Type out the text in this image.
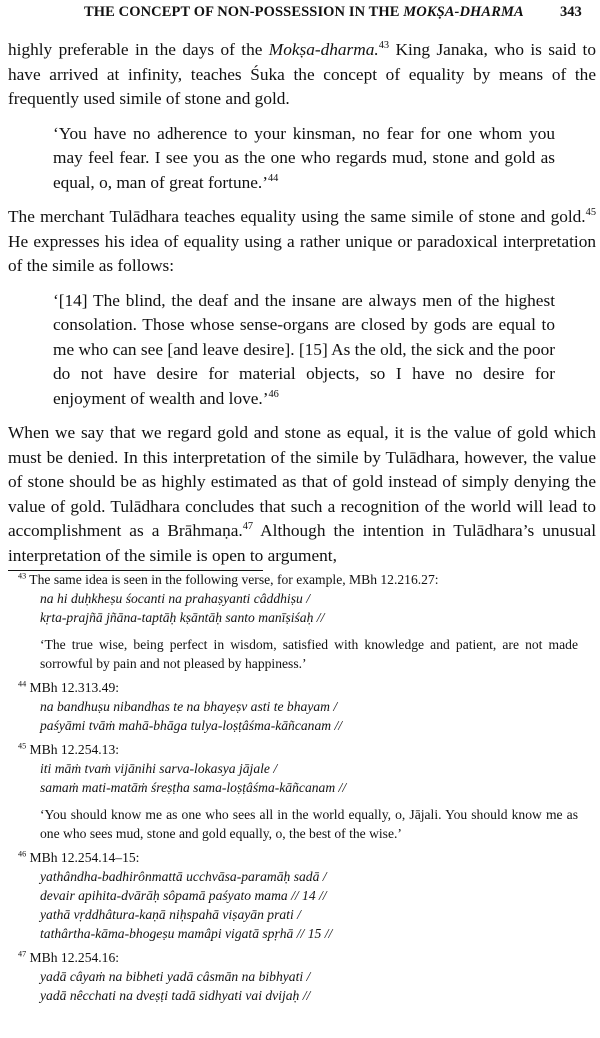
THE CONCEPT OF NON-POSSESSION IN THE MOKṢA-DHARMA	343

highly preferable in the days of the Mokṣa-dharma.$^{43}$ King Janaka, who is said to have arrived at infinity, teaches Śuka the concept of equality by means of the frequently used simile of stone and gold.

‘You have no adherence to your kinsman, no fear for one whom you may feel fear. I see you as the one who regards mud, stone and gold as equal, o, man of great fortune.’$^{44}$

The merchant Tulādhara teaches equality using the same simile of stone and gold.$^{45}$ He expresses his idea of equality using a rather unique or paradoxical interpretation of the simile as follows:

‘[14] The blind, the deaf and the insane are always men of the highest consolation. Those whose sense-organs are closed by gods are equal to me who can see [and leave desire]. [15] As the old, the sick and the poor do not have desire for material objects, so I have no desire for enjoyment of wealth and love.’$^{46}$

When we say that we regard gold and stone as equal, it is the value of gold which must be denied. In this interpretation of the simile by Tulādhara, however, the value of stone should be as highly estimated as that of gold instead of simply denying the value of gold. Tulādhara concludes that such a recognition of the world will lead to accomplishment as a Brāhmaṇa.$^{47}$ Although the intention in Tulādhara’s unusual interpretation of the simile is open to argument,

$^{43}$ The same idea is seen in the following verse, for example, MBh 12.216.27:

na hi duḥkheṣu śocanti na prahaṣyanti câddhiṣu /

kṛta-prajñā jñāna-taptāḥ kṣāntāḥ santo manīṣiśaḥ //

‘The true wise, being perfect in wisdom, satisfied with knowledge and patient, are not made sorrowful by pain and not pleased by happiness.’

$^{44}$ MBh 12.313.49:

na bandhuṣu nibandhas te na bhayeṣv asti te bhayam /

paśyāmi tvāṁ mahā-bhāga tulya-loṣṭâśma-kāñcanam //

$^{45}$ MBh 12.254.13:

iti māṁ tvaṁ vijānihi sarva-lokasya jājale /

samaṁ mati-matāṁ śreṣṭha sama-loṣṭâśma-kāñcanam //

‘You should know me as one who sees all in the world equally, o, Jājali. You should know me as one who sees mud, stone and gold equally, o, the best of the wise.’

$^{46}$ MBh 12.254.14–15:

yathândha-badhirônmattā ucchvāsa-paramāḥ sadā /

devair apihita-dvārāḥ sôpamā paśyato mama // 14 //

yathā vṛddhâtura-kaṇā niḥspahā viṣayān prati /

tathârtha-kāma-bhogeṣu mamâpi vigatā spṛhā // 15 //

$^{47}$ MBh 12.254.16:

yadā câyaṁ na bibheti yadā câsmān na bibhyati /

yadā nêcchati na dveṣṭi tadā sidhyati vai dvijaḥ //
